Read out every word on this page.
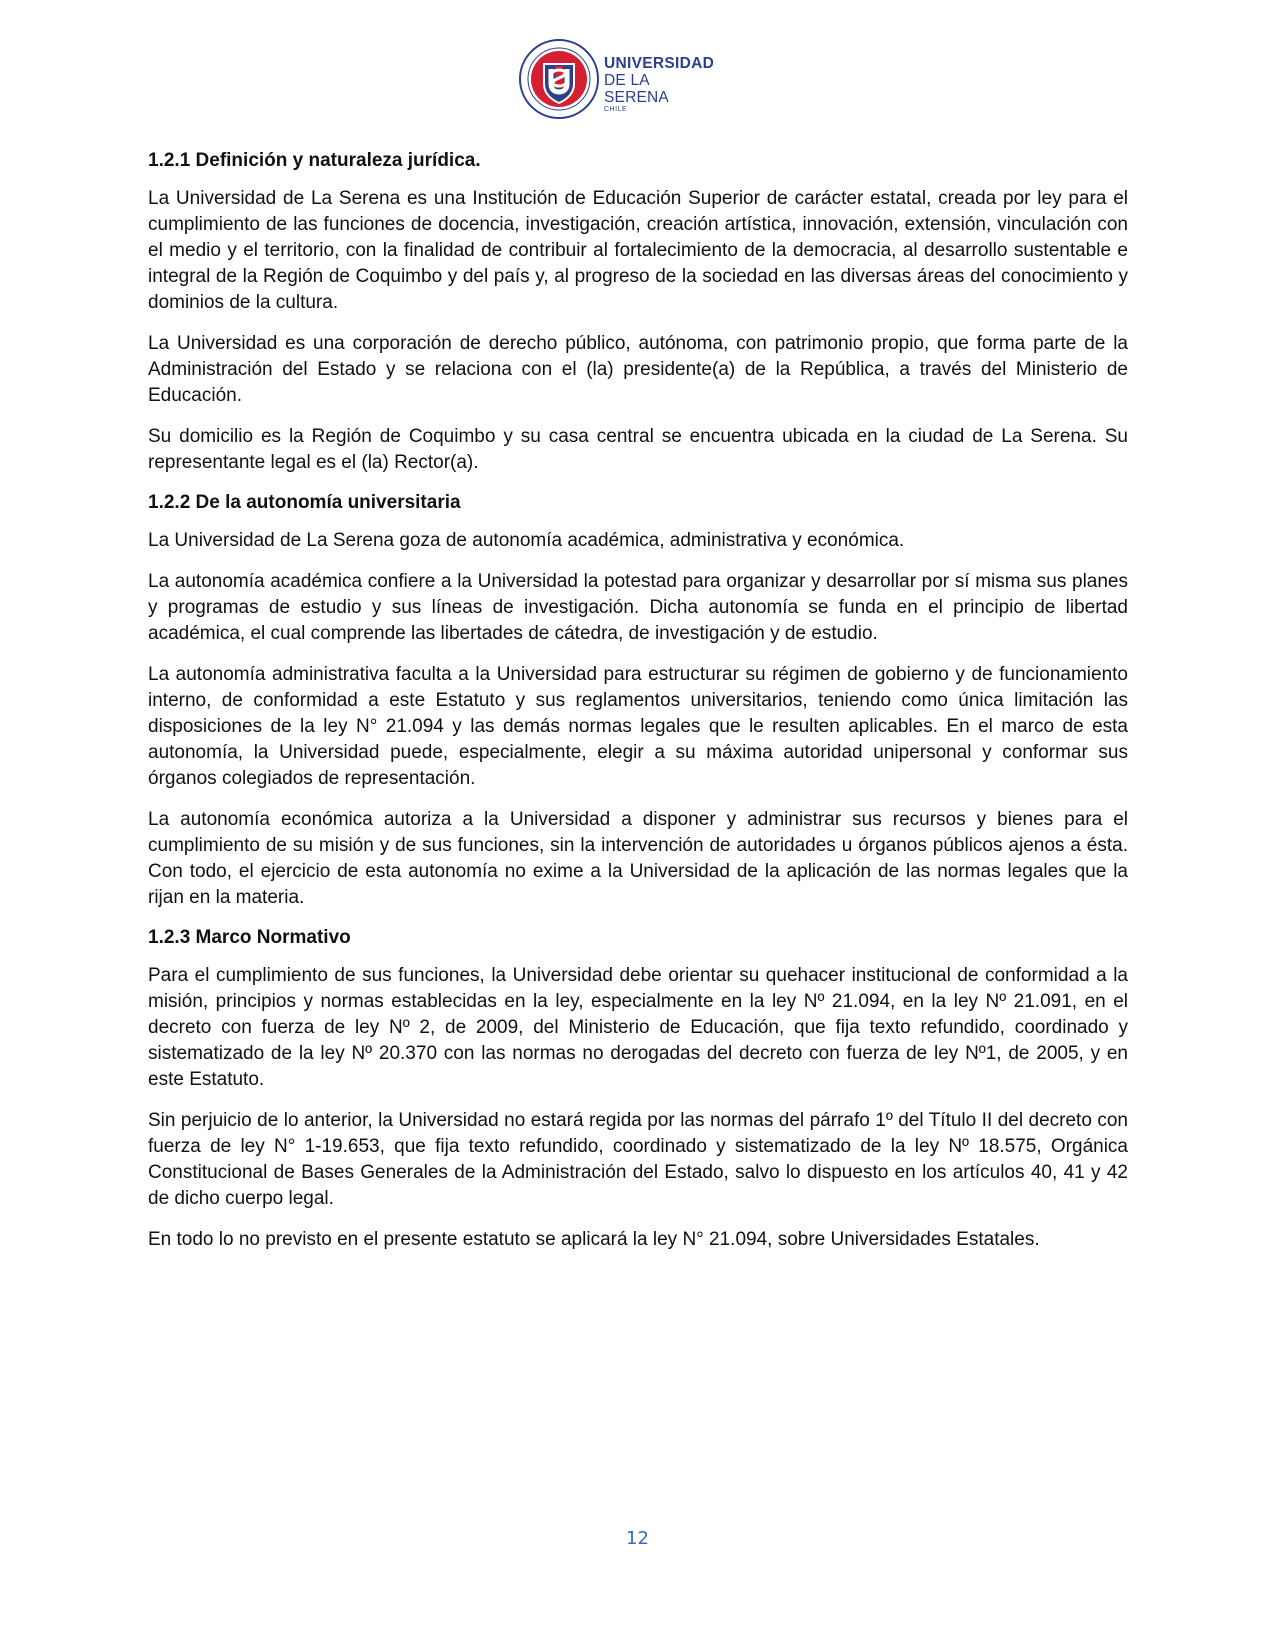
UNIVERSIDAD
DE LA SERENA
CHILE
1.2.1 Definición y naturaleza jurídica.

La Universidad de La Serena es una Institución de Educación Superior de carácter estatal, creada por ley para el cumplimiento de las funciones de docencia, investigación, creación artística, innovación, extensión, vinculación con el medio y el territorio, con la finalidad de contribuir al fortalecimiento de la democracia, al desarrollo sustentable e integral de la Región de Coquimbo y del país y, al progreso de la sociedad en las diversas áreas del conocimiento y dominios de la cultura.

La Universidad es una corporación de derecho público, autónoma, con patrimonio propio, que forma parte de la Administración del Estado y se relaciona con el (la) presidente(a) de la República, a través del Ministerio de Educación.

Su domicilio es la Región de Coquimbo y su casa central se encuentra ubicada en la ciudad de La Serena. Su representante legal es el (la) Rector(a).

1.2.2 De la autonomía universitaria

La Universidad de La Serena goza de autonomía académica, administrativa y económica.

La autonomía académica confiere a la Universidad la potestad para organizar y desarrollar por sí misma sus planes y programas de estudio y sus líneas de investigación. Dicha autonomía se funda en el principio de libertad académica, el cual comprende las libertades de cátedra, de investigación y de estudio.

La autonomía administrativa faculta a la Universidad para estructurar su régimen de gobierno y de funcionamiento interno, de conformidad a este Estatuto y sus reglamentos universitarios, teniendo como única limitación las disposiciones de la ley N° 21.094 y las demás normas legales que le resulten aplicables. En el marco de esta autonomía, la Universidad puede, especialmente, elegir a su máxima autoridad unipersonal y conformar sus órganos colegiados de representación.

La autonomía económica autoriza a la Universidad a disponer y administrar sus recursos y bienes para el cumplimiento de su misión y de sus funciones, sin la intervención de autoridades u órganos públicos ajenos a ésta. Con todo, el ejercicio de esta autonomía no exime a la Universidad de la aplicación de las normas legales que la rijan en la materia.

1.2.3 Marco Normativo

Para el cumplimiento de sus funciones, la Universidad debe orientar su quehacer institucional de conformidad a la misión, principios y normas establecidas en la ley, especialmente en la ley Nº 21.094, en la ley Nº 21.091, en el decreto con fuerza de ley Nº 2, de 2009, del Ministerio de Educación, que fija texto refundido, coordinado y sistematizado de la ley Nº 20.370 con las normas no derogadas del decreto con fuerza de ley Nº1, de 2005, y en este Estatuto.

Sin perjuicio de lo anterior, la Universidad no estará regida por las normas del párrafo 1º del Título II del decreto con fuerza de ley N° 1-19.653, que fija texto refundido, coordinado y sistematizado de la ley Nº 18.575, Orgánica Constitucional de Bases Generales de la Administración del Estado, salvo lo dispuesto en los artículos 40, 41 y 42 de dicho cuerpo legal.

En todo lo no previsto en el presente estatuto se aplicará la ley N° 21.094, sobre Universidades Estatales.

12
